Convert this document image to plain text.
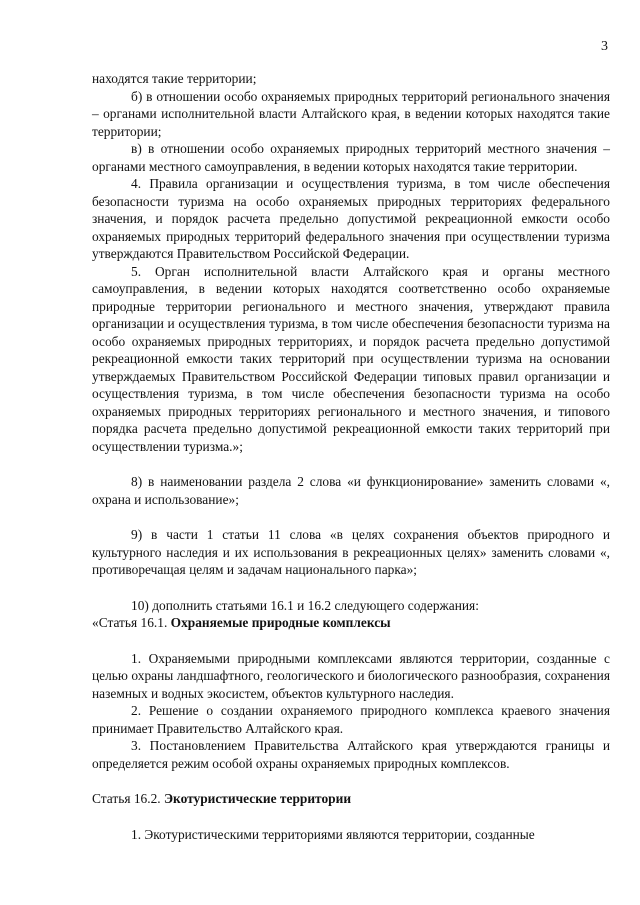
3

находятся такие территории;

б) в отношении особо охраняемых природных территорий регионального значения – органами исполнительной власти Алтайского края, в ведении которых находятся такие территории;

в) в отношении особо охраняемых природных территорий местного значения – органами местного самоуправления, в ведении которых находятся такие территории.

4. Правила организации и осуществления туризма, в том числе обеспечения безопасности туризма на особо охраняемых природных территориях федерального значения, и порядок расчета предельно допустимой рекреационной емкости особо охраняемых природных территорий федерального значения при осуществлении туризма утверждаются Правительством Российской Федерации.

5. Орган исполнительной власти Алтайского края и органы местного самоуправления, в ведении которых находятся соответственно особо охраняемые природные территории регионального и местного значения, утверждают правила организации и осуществления туризма, в том числе обеспечения безопасности туризма на особо охраняемых природных территориях, и порядок расчета предельно допустимой рекреационной емкости таких территорий при осуществлении туризма на основании утверждаемых Правительством Российской Федерации типовых правил организации и осуществления туризма, в том числе обеспечения безопасности туризма на особо охраняемых природных территориях регионального и местного значения, и типового порядка расчета предельно допустимой рекреационной емкости таких территорий при осуществлении туризма.»;

8) в наименовании раздела 2 слова «и функционирование» заменить словами «, охрана и использование»;

9) в части 1 статьи 11 слова «в целях сохранения объектов природного и культурного наследия и их использования в рекреационных целях» заменить словами «, противоречащая целям и задачам национального парка»;

10) дополнить статьями 16.1 и 16.2 следующего содержания:

«Статья 16.1. Охраняемые природные комплексы

1. Охраняемыми природными комплексами являются территории, созданные с целью охраны ландшафтного, геологического и биологического разнообразия, сохранения наземных и водных экосистем, объектов культурного наследия.

2. Решение о создании охраняемого природного комплекса краевого значения принимает Правительство Алтайского края.

3. Постановлением Правительства Алтайского края утверждаются границы и определяется режим особой охраны охраняемых природных комплексов.

Статья 16.2. Экотуристические территории

1. Экотуристическими территориями являются территории, созданные
